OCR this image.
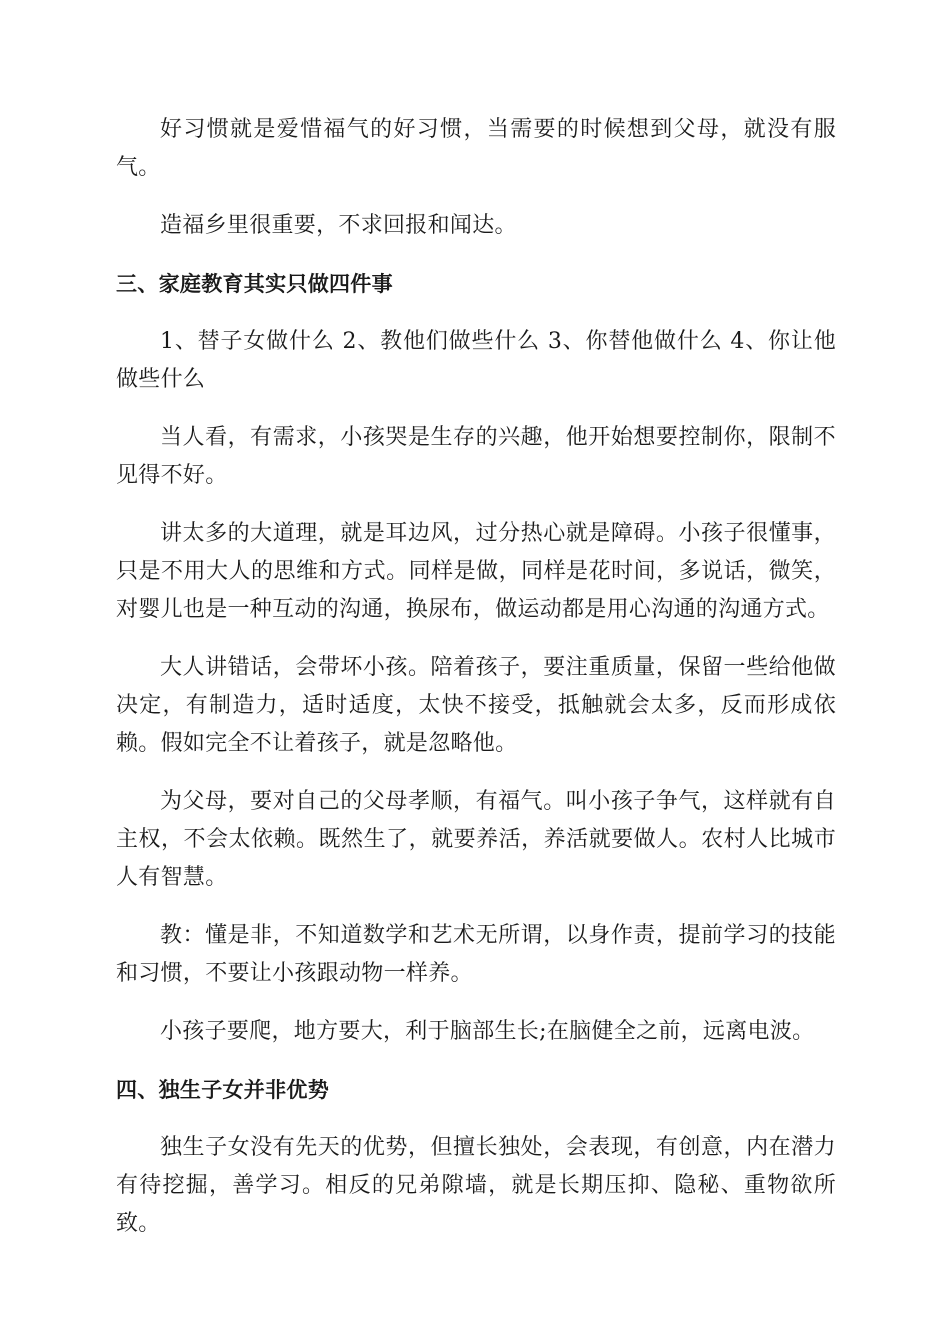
好习惯就是爱惜福气的好习惯，当需要的时候想到父母，就没有服气。

造福乡里很重要，不求回报和闻达。

三、家庭教育其实只做四件事

1、替子女做什么 2、教他们做些什么 3、你替他做什么 4、你让他做些什么

当人看，有需求，小孩哭是生存的兴趣，他开始想要控制你，限制不见得不好。

讲太多的大道理，就是耳边风，过分热心就是障碍。小孩子很懂事，只是不用大人的思维和方式。同样是做，同样是花时间，多说话，微笑，对婴儿也是一种互动的沟通，换尿布，做运动都是用心沟通的沟通方式。

大人讲错话，会带坏小孩。陪着孩子，要注重质量，保留一些给他做决定，有制造力，适时适度，太快不接受，抵触就会太多，反而形成依赖。假如完全不让着孩子，就是忽略他。

为父母，要对自己的父母孝顺，有福气。叫小孩子争气，这样就有自主权，不会太依赖。既然生了，就要养活，养活就要做人。农村人比城市人有智慧。

教：懂是非，不知道数学和艺术无所谓，以身作责，提前学习的技能和习惯，不要让小孩跟动物一样养。

小孩子要爬，地方要大，利于脑部生长;在脑健全之前，远离电波。

四、独生子女并非优势

独生子女没有先天的优势，但擅长独处，会表现，有创意，内在潜力有待挖掘，善学习。相反的兄弟隙墙，就是长期压抑、隐秘、重物欲所致。
